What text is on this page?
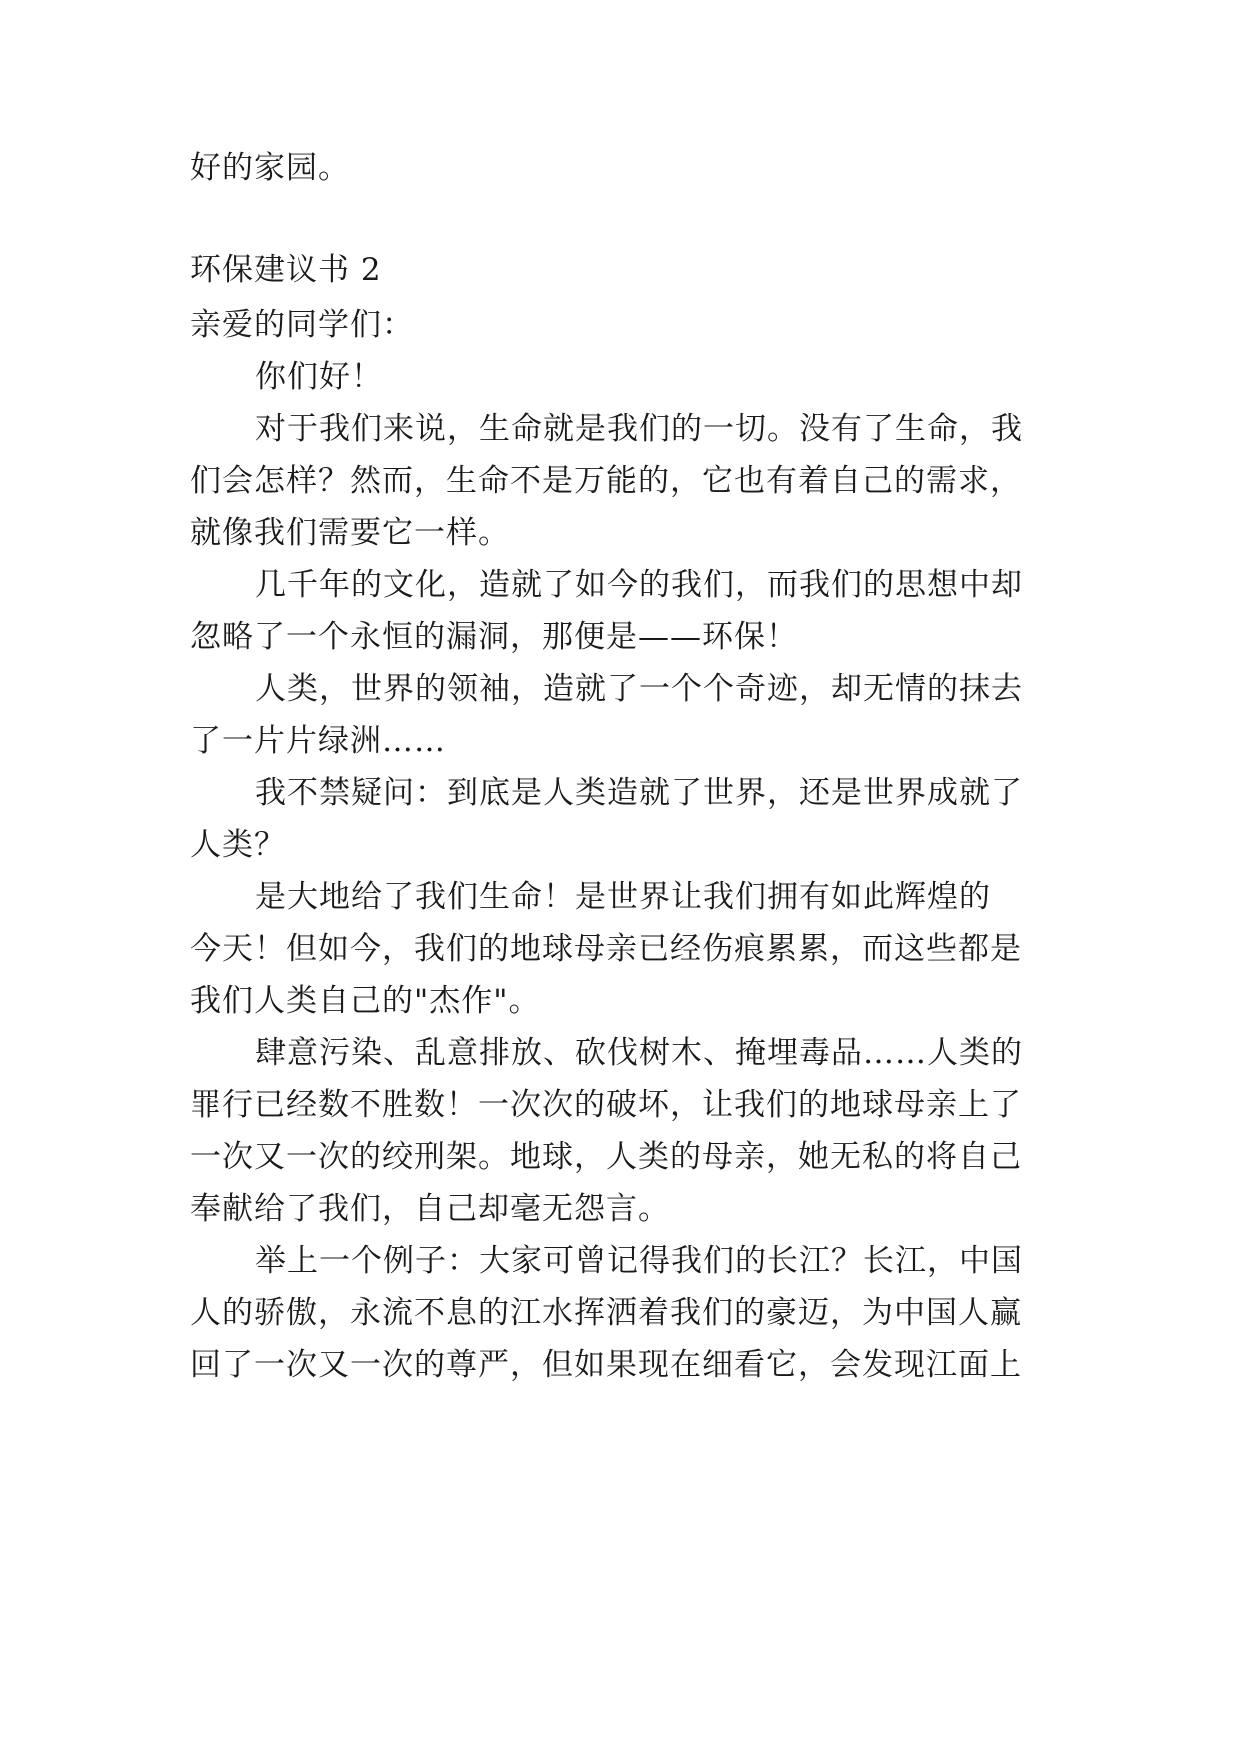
好的家园。
环保建议书 2
亲爱的同学们：
你们好！
对于我们来说，生命就是我们的一切。没有了生命，我
们会怎样？然而，生命不是万能的，它也有着自己的需求，
就像我们需要它一样。
几千年的文化，造就了如今的我们，而我们的思想中却
忽略了一个永恒的漏洞，那便是——环保！
人类，世界的领袖，造就了一个个奇迹，却无情的抹去
了一片片绿洲……
我不禁疑问：到底是人类造就了世界，还是世界成就了
人类？
是大地给了我们生命！是世界让我们拥有如此辉煌的
今天！但如今，我们的地球母亲已经伤痕累累，而这些都是
我们人类自己的"杰作"。
肆意污染、乱意排放、砍伐树木、掩埋毒品……人类的
罪行已经数不胜数！一次次的破坏，让我们的地球母亲上了
一次又一次的绞刑架。地球，人类的母亲，她无私的将自己
奉献给了我们，自己却毫无怨言。
举上一个例子：大家可曾记得我们的长江？长江，中国
人的骄傲，永流不息的江水挥洒着我们的豪迈，为中国人赢
回了一次又一次的尊严，但如果现在细看它，会发现江面上
